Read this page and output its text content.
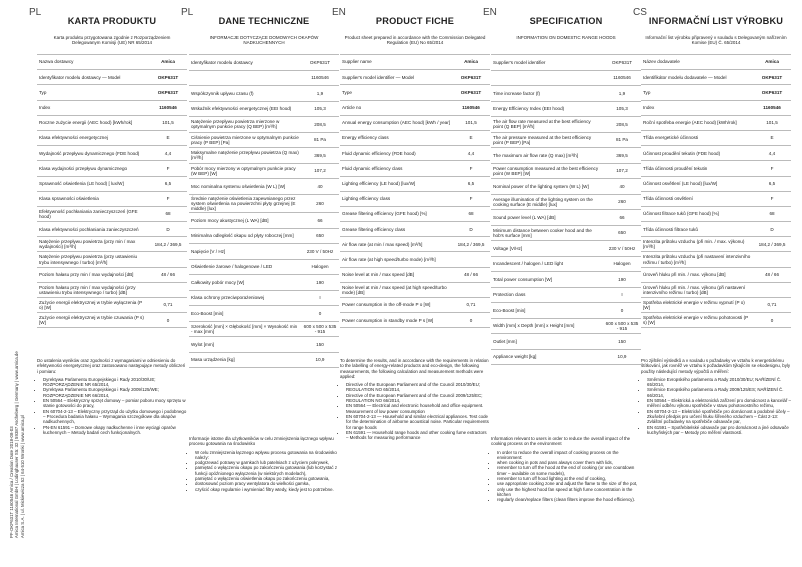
PF-OKP631T 1160546 Amica / Creation Date 2018-08-03
Amica International GmbH | Lüdinghauser Str. 32 | 59387 Ascheberg | Germany | www.amica.de
Amica S.A. | ul. Mickiewicza 52 | 64-510 Wronki | www.amica.pl
PL
KARTA PRODUKTU
Karta produktu przygotowana zgodnie z Rozporządzeniem Delegowanym Komisji (UE) NR 65/2014
Nazwa dostawcy	Amica
Identyfikator modelu dostawcy — Model	OKP631T
Typ	OKP631T
Index	1160546
Roczne zużycie energii (AEC hood) [kWh/rok]	101,5
Klasa efektywności energetycznej	E
Wydajność przepływu dynamicznego (FDE hood)	4,4
Klasa wydajności przepływu dynamicznego	F
Sprawność oświetlenia (LE hood) [ lux/W]	6,5
Klasa sprawności oświetlenia	F
Efektywność pochłaniania zanieczyszczeń (GFE hood)	68
Klasa efektywności pochłaniania zanieczyszczeń	D
Natężenie przepływu powietrza (przy min / max wydajności) [m³/h]	184,2 / 369,5
Natężenie przepływu powietrza (przy ustawieniu trybu intensywnego / turbo) [m³/h]	
Poziom hałasu przy min / max wydajności [dB]	48 / 66
Poziom hałasu przy min / max wydajności (przy ustawieniu trybu intensywnego / turbo) [dB]	
Zużycie energii elektrycznej w trybie wyłączenia (P o) [W]	0,71
Zużycie energii elektrycznej w trybie czuwania (P s) [W]	0

Do ustalenia wyników oraz zgodności z wymaganiami w odniesieniu do efektywności energetycznej oraz zastosowano następujące metody obliczeń i pomiaru:

• Dyrektywa Parlamentu Europejskiego i Rady 2010/30/UE; ROZPORZĄDZENIE NR 65/2014,
• Dyrektywa Parlamentu Europejskiego i Rady 2009/125/WE; ROZPORZĄDZENIE NR 66/2014,
• EN 50564 – Elektryczny sprzęt domowy – pomiar poboru mocy sprzętu w stanie gotowości do pracy,
• EN 60704-2-13 – Elektryczny przyrząd do użytku domowego i podobnego – Procedura badania hałasu – Wymagania szczegółowe dla okapów nadkuchennych,
• PN-EN 61591 – Domowe okapy nadkuchenne i inne wyciągi oparów kuchennych – Metody badań cech funkcjonalnych.
PL
DANE TECHNICZNE
INFORMACJE DOTYCZĄCE DOMOWYCH OKAPÓW NADKUCHENNYCH
Identyfikator modelu dostawcy	OKP631T
	1160546
Współczynnik upływu czasu (f)	1,9
Wskaźnik efektywności energetycznej (EEI hood)	105,3
Natężenie przepływu powietrza mierzone w optymalnym punkcie pracy (Q BEP) [m³/h]	208,5
Ciśnienie powietrza mierzone w optymalnym punkcie pracy (P BEP) [Pa]	81 Pa
Maksymalne natężenie przepływu powietrza (Q max) [m³/h]	369,5
Pobór mocy mierzony w optymalnym punkcie pracy (W BEP) [W]	107,2
Moc nominalna systemu oświetlenia (W L) [W]	40
Średnie natężenie oświetlenia zapewnianego przez system oświetlenia na powierzchni płyty grzejnej (E middle) [lux]	260
Poziom mocy akustycznej (L WA) [dB]	66
Minimalna odległość okapu od płyty roboczej [mm]	650
Napięcie [V / Hz]	230 V / 50Hz
Oświetlenie żarowe / halogenowe / LED	Halogen
Całkowity pobór mocy [W]	190
Klasa ochrony przeciwporażeniowej	I
Eco-Boost [min]	0
Szerokość [mm] × Głębokość [mm] × Wysokość min - max [mm]	600 x 500 x 535 - 915
Wylot [mm]	150
Masa urządzenia [kg]	10,9

Informacje istotne dla użytkowników w celu zmniejszenia łącznego wpływu procesu gotowania na środowisko

• W celu zmniejszenia łącznego wpływu procesu gotowania na środowisko należy:
• podgrzewać potrawy w garnkach lub patelniach z użyciem pokrywek,
• pamiętać o wyłączeniu okapu po zakończeniu gotowania (lub korzystać z funkcji opóźnionego wyłączenia (w niektórych modelach),
• pamiętać o wyłączeniu oświetlenia okapu po zakończeniu gotowania,
• dostosować poziom pracy wentylatora do wielkości gamka,
• czyścić okap regularnie i wymieniać filtry wtedy, kiedy jest to potrzebne.
EN
PRODUCT FICHE
Product sheet prepared in accordance with the Commission Delegated Regulation (EU) No 65/2014
Supplier name	Amica
Supplier's model identifier — Model	OKP631T
Type	OKP631T
Article no	1160546
Annual energy consumption (AEC hood) [kWh / year]	101,5
Energy efficiency class	E
Fluid dynamic efficiency (FDE hood)	4,4
Fluid dynamic efficiency class	F
Lighting efficiency (LE hood) [lux/W]	6,5
Lighting efficiency class	F
Grease filtering efficiency (GFE hood) [%]	68
Grease filtering efficiency class	D
Air flow rate (at min / max speed) [m³/h]	184,2 / 369,5
Air flow rate (at high speed/turbo mode) [m³/h]	
Noise level at min / max speed [dB]	48 / 66
Noise level at min / max speed (at high speed/turbo mode) [dB]	
Power consumption in the off-mode P o [W]	0,71
Power consumption in standby mode P s [W]	0

To determine the results, and in accordance with the requirements in relation to the labelling of energy-related products and eco-design, the following measurements, the following calculation and measurement methods were applied:

• Directive of the European Parliament and of the Council 2010/30/EU; REGULATION NO 65/2014,
• Directive of the European Parliament and of the Council 2009/125/EC; REGULATION NO 66/2014,
• EN 50564 — Electrical and electronic household and office equipment. Measurement of low power consumption
• EN 60704-2-13 — Household and similar electrical appliances. Test code for the determination of airborne acoustical noise. Particular requirements for range hoods
• EN 61591 — Household range hoods and other cooking fume extractors – Methods for measuring performance
EN
SPECIFICATION
INFORMATION ON DOMESTIC RANGE HOODS
Supplier's model identifier	OKP631T
	1160546
Time increase factor (f)	1,9
Energy Efficiency Index (EEI hood)	105,3
The air flow rate measured at the best efficiency point (Q BEP) [m³/h]	208,5
The air pressure measured at the best efficiency point (P BEP) [Pa]	81 Pa
The maximum air flow rate (Q max) [m³/h]	369,5
Power consumption measured at the best efficiency point (W BEP) [W]	107,2
Nominal power of the lighting system (W L) [W]	40
Average illumination of the lighting system on the cooking surface (E middle) [lux]	260
Sound power level (L WA) [dB]	66
Minimum distance between cooker hood and the hob's surface [mm]	650
Voltage [V/Hz]	230 V / 50Hz
Incandescent / halogen / LED light	Halogen
Total power consumption [W]	190
Protection class	I
Eco-Boost [min]	0
Width [mm] x Depth [mm] x Height [mm]	600 x 500 x 535 - 915
Outlet [mm]	150
Appliance weight [kg]	10,9

Information relevant to users in order to reduce the overall impact of the cooking process on the environment

• In order to reduce the overall impact of cooking process on the environment:
• when cooking in pots and pans always cover them with lids,
• remember to turn off the hood at the end of cooking (or use countdown timer – available on some models),
• remember to turn off hood lighting at the end of cooking,
• use appropriate cooking zone and adjust the flame to the size of the pot,
• only use the highest hood fan speed at high fume concentration in the kitchen
• regularly clean/replace filters (clean filters improve the hood efficiency).
CS
INFORMAČNÍ LIST VÝROBKU
Informační list výrobku připravený v souladu s Delegovaným nařízením Komise (EU) Č. 65/2014
Název dodavatele	Amica
Identifikátor modelu dodavatele — Model	OKP631T
Typ	OKP631T
Index	1160546
Roční spotřeba energie (AEC hood) [kWh/rok]	101,5
Třída energetické účinnosti	E
Účinnost proudění tekutin (FDE hood)	4,4
Třída účinnosti proudění tekutin	F
Účinnost osvětlení (LE hood) [lux/W]	6,5
Třída účinnosti osvětlení	F
Účinnost filtrace tuků (GFE hood) [%]	68
Třída účinnosti filtrace tuků	D
Intenzita průtoku vzduchu (při min. / max. výkonu) [m³/h]	184,2 / 369,5
Intenzita průtoku vzduchu (při nastavení intenzivního režimu / turbo) [m³/h]	
Úroveň hluku při min. / max. výkonu [dB]	48 / 66
Úroveň hluku při min. / max. výkonu (při nastavení intenzivního režimu / turbo) [dB]	
Spotřeba elektrické energie v režimu vypnutí (P o) [W]	0,71
Spotřeba elektrické energie v režimu pohotovosti (P s) [W]	0

Pro zjištění výsledků a v souladu s požadavky ve vztahu k energetickému štítkování, jak rovněž ve vztahu k požadavkům týkajícím se ekodesignu, byly použity následující metody výpočtů a měření:

• Směrnice Evropského parlamentu a Rady 2010/30/EU; NAŘÍZENÍ Č. 65/2014,
• Směrnice Evropského parlamentu a Rady 2009/125/ES; NAŘÍZENÍ Č. 66/2014,
• EN 50564 – Elektrická a elektronická zařízení pro domácnost a kancelář – měření odběru výkonu spotřebiče v stavu pohotovostního režimu,
• EN 60704-2-13 – Elektrické spotřebiče pro domácnost a podobné účely – Zkušební předpis pro určení hluku šířeného vzduchem – Část 2-13: Zvláštní požadavky na spotřebiče odsavače par,
• EN 61591 – Spotřebitelské odsavače par pro domácnost a jiné odsavače kuchyňských par – Metody pro měření vlastností.
